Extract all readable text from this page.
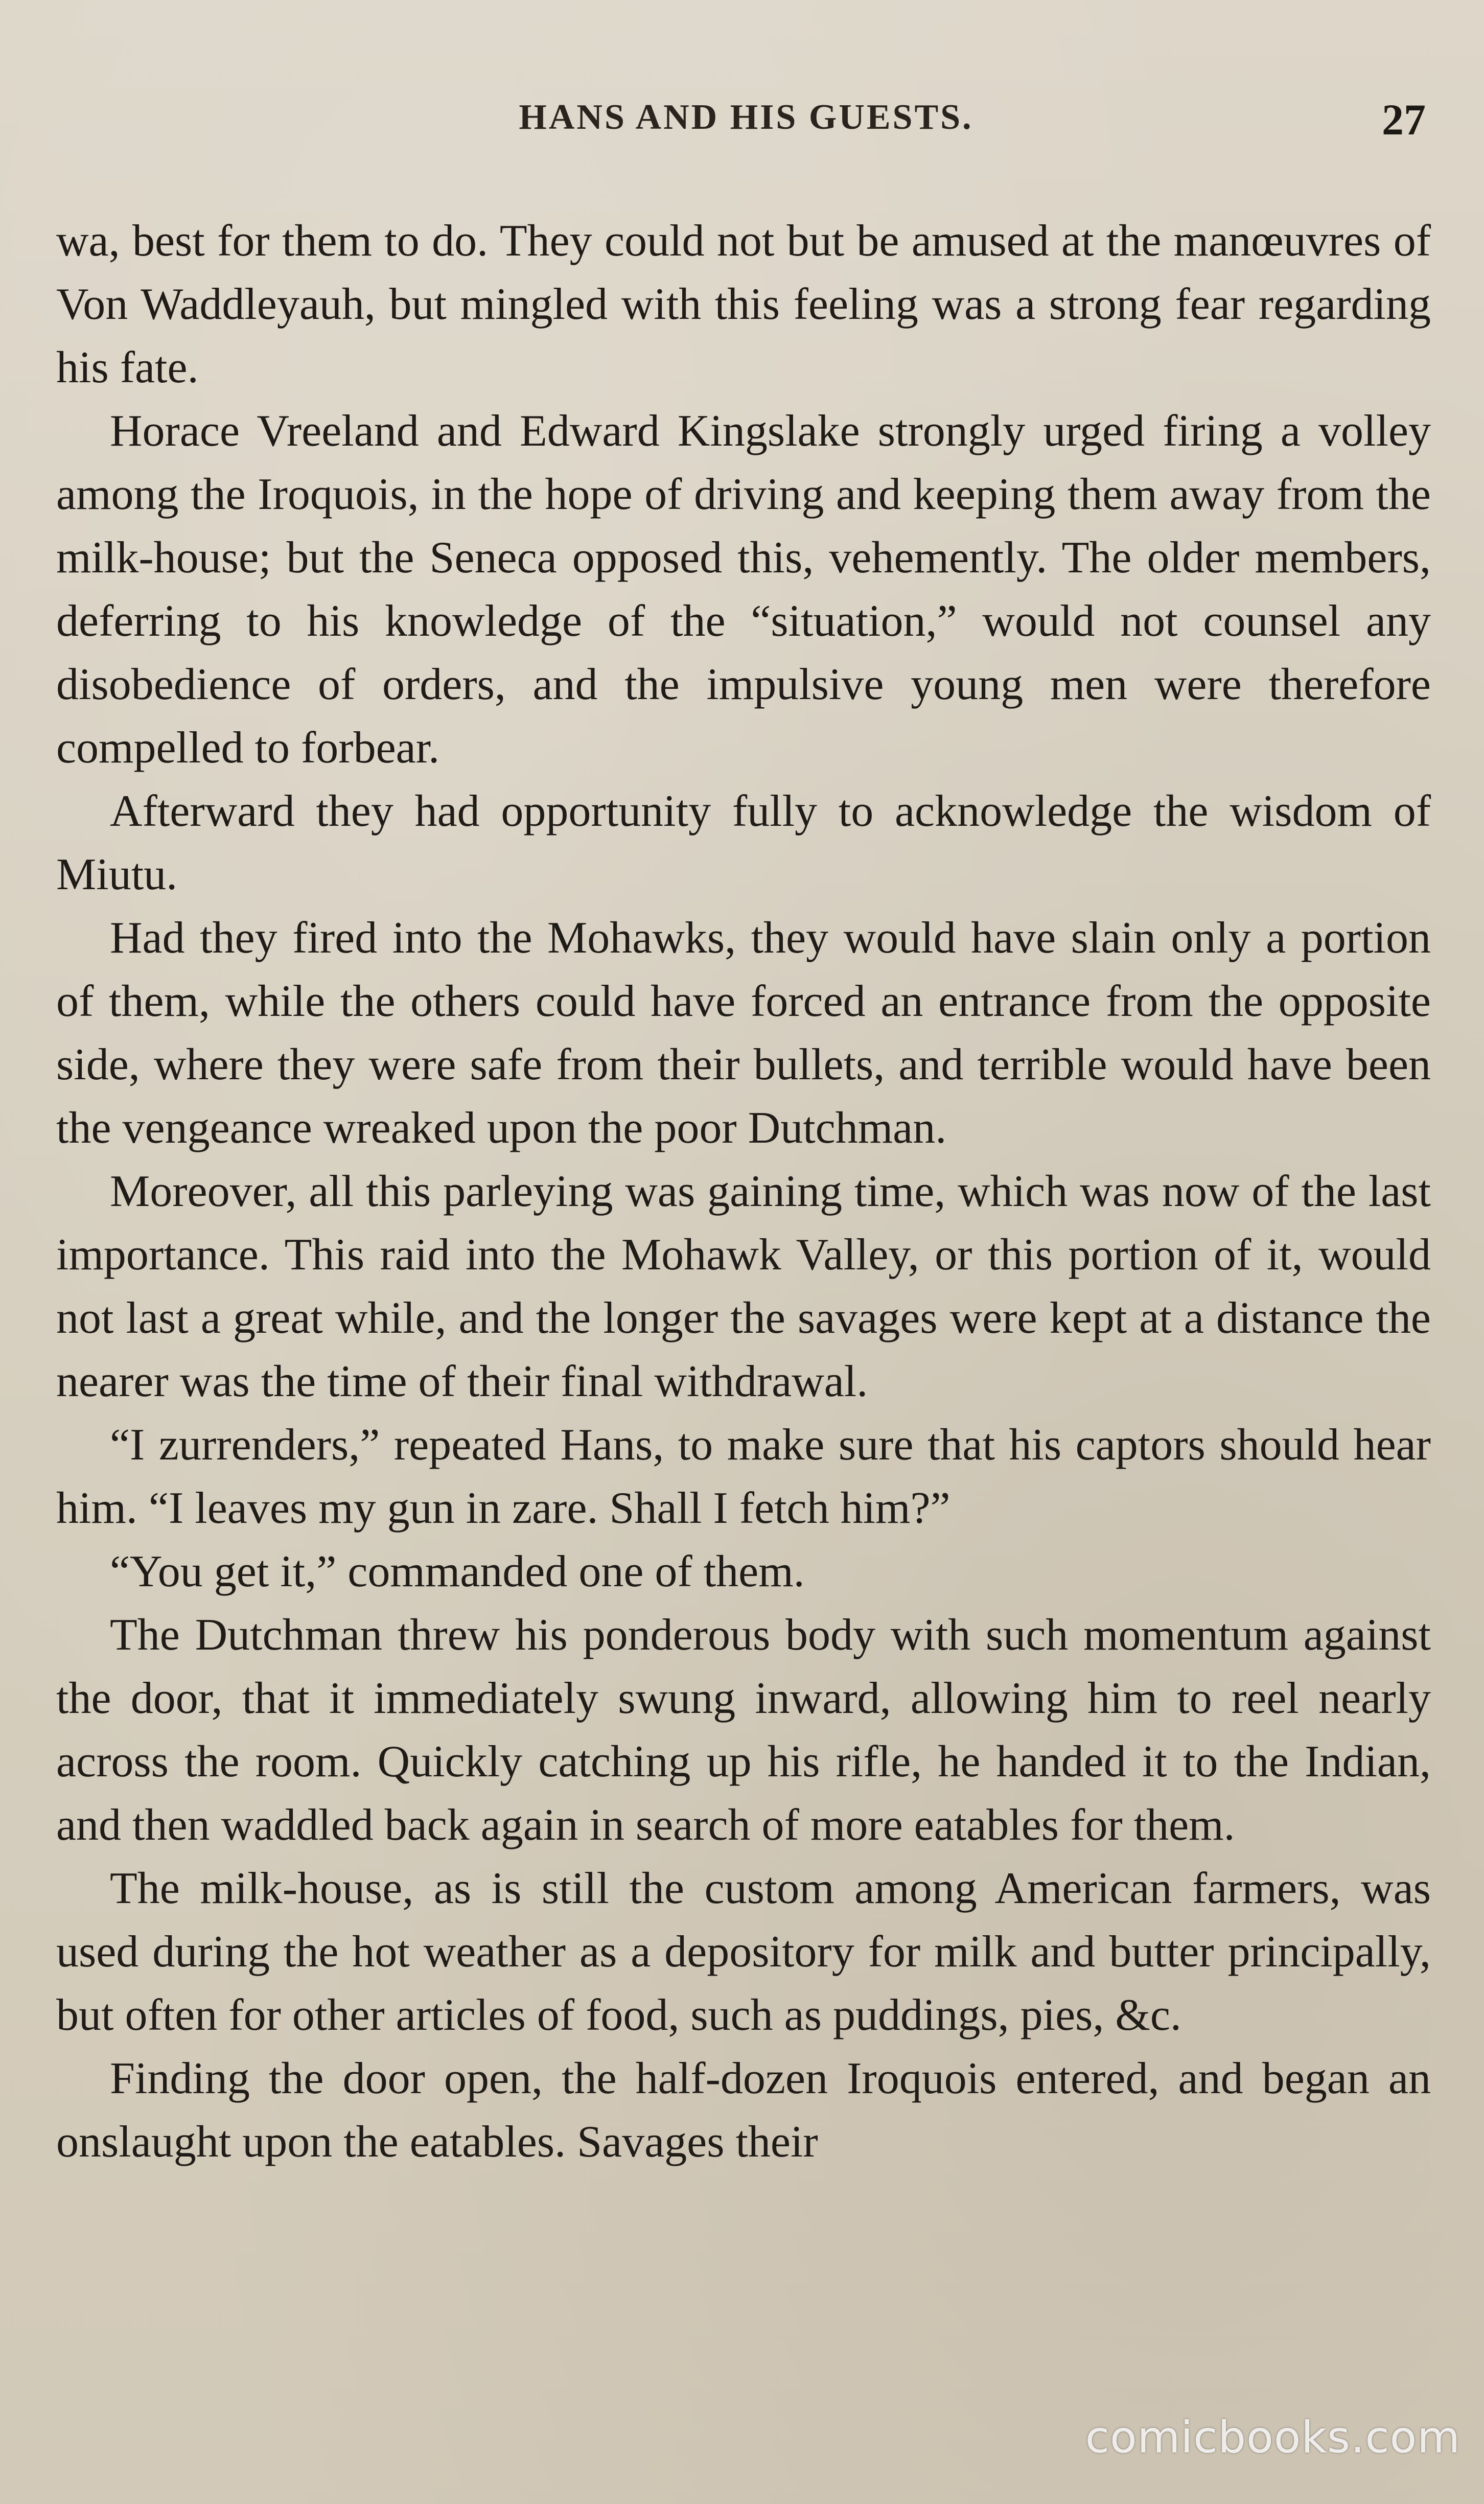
HANS AND HIS GUESTS.	27

wa, best for them to do. They could not but be amused at the manœuvres of Von Waddleyauh, but mingled with this feeling was a strong fear regarding his fate.

Horace Vreeland and Edward Kingslake strongly urged firing a volley among the Iroquois, in the hope of driving and keeping them away from the milk-house; but the Seneca opposed this, vehemently. The older members, deferring to his knowledge of the “situation,” would not counsel any disobedience of orders, and the impulsive young men were therefore compelled to forbear.

Afterward they had opportunity fully to acknowledge the wisdom of Miutu.

Had they fired into the Mohawks, they would have slain only a portion of them, while the others could have forced an entrance from the opposite side, where they were safe from their bullets, and terrible would have been the vengeance wreaked upon the poor Dutchman.

Moreover, all this parleying was gaining time, which was now of the last importance. This raid into the Mohawk Valley, or this portion of it, would not last a great while, and the longer the savages were kept at a distance the nearer was the time of their final withdrawal.

“I zurrenders,” repeated Hans, to make sure that his captors should hear him. “I leaves my gun in zare. Shall I fetch him?”

“You get it,” commanded one of them.

The Dutchman threw his ponderous body with such momentum against the door, that it immediately swung inward, allowing him to reel nearly across the room. Quickly catching up his rifle, he handed it to the Indian, and then waddled back again in search of more eatables for them.

The milk-house, as is still the custom among American farmers, was used during the hot weather as a depository for milk and butter principally, but often for other articles of food, such as puddings, pies, &c.

Finding the door open, the half-dozen Iroquois entered, and began an onslaught upon the eatables. Savages their

comicbooks.com
